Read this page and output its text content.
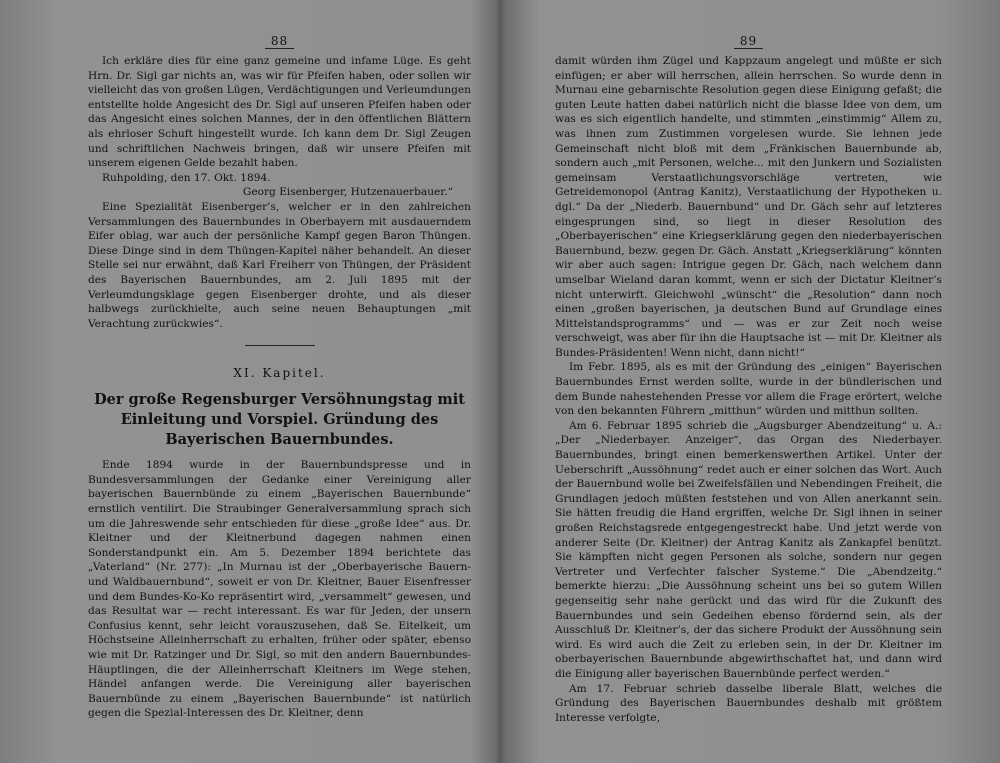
88

Ich erkläre dies für eine ganz gemeine und infame Lüge. Es geht Hrn. Dr. Sigl gar nichts an, was wir für Pfeifen haben, oder sollen wir vielleicht das von großen Lügen, Verdächtigungen und Verleumdungen entstellte holde Angesicht des Dr. Sigl auf unseren Pfeifen haben oder das Angesicht eines solchen Mannes, der in den öffentlichen Blättern als ehrloser Schuft hingestellt wurde. Ich kann dem Dr. Sigl Zeugen und schriftlichen Nachweis bringen, daß wir unsere Pfeifen mit unserem eigenen Gelde bezahlt haben.

Ruhpolding, den 17. Okt. 1894.

Georg Eisenberger, Hutzenauerbauer.“

Eine Spezialität Eisenberger’s, welcher er in den zahlreichen Versammlungen des Bauernbundes in Oberbayern mit ausdauerndem Eifer oblag, war auch der persönliche Kampf gegen Baron Thüngen. Diese Dinge sind in dem Thüngen-Kapitel näher behandelt. An dieser Stelle sei nur erwähnt, daß Karl Freiherr von Thüngen, der Präsident des Bayerischen Bauernbundes, am 2. Juli 1895 mit der Verleumdungsklage gegen Eisenberger drohte, und als dieser halbwegs zurückhielte, auch seine neuen Behauptungen „mit Verachtung zurückwies“.

XI. Kapitel.
Der große Regensburger Versöhnungstag mit Einleitung und Vorspiel. Gründung des Bayerischen Bauernbundes.

Ende 1894 wurde in der Bauernbundspresse und in Bundesversammlungen der Gedanke einer Vereinigung aller bayerischen Bauernbünde zu einem „Bayerischen Bauernbunde“ ernstlich ventilirt. Die Straubinger Generalversammlung sprach sich um die Jahreswende sehr entschieden für diese „große Idee“ aus. Dr. Kleitner und der Kleitnerbund dagegen nahmen einen Sonderstandpunkt ein. Am 5. Dezember 1894 berichtete das „Vaterland“ (Nr. 277): „In Murnau ist der „Oberbayerische Bauern- und Waldbauernbund“, soweit er von Dr. Kleitner, Bauer Eisenfresser und dem Bundes-Ko-Ko repräsentirt wird, „versammelt“ gewesen, und das Resultat war — recht interessant. Es war für Jeden, der unsern Confusius kennt, sehr leicht vorauszusehen, daß Se. Eitelkeit, um Höchstseine Alleinherrschaft zu erhalten, früher oder später, ebenso wie mit Dr. Ratzinger und Dr. Sigl, so mit den andern Bauernbundes-Häuptlingen, die der Alleinherrschaft Kleitners im Wege stehen, Händel anfangen werde. Die Vereinigung aller bayerischen Bauernbünde zu einem „Bayerischen Bauernbunde“ ist natürlich gegen die Spezial-Interessen des Dr. Kleitner, denn

89

damit würden ihm Zügel und Kappzaum angelegt und müßte er sich einfügen; er aber will herrschen, allein herrschen. So wurde denn in Murnau eine gebarnischte Resolution gegen diese Einigung gefaßt; die guten Leute hatten dabei natürlich nicht die blasse Idee von dem, um was es sich eigentlich handelte, und stimmten „einstimmig“ Allem zu, was ihnen zum Zustimmen vorgelesen wurde. Sie lehnen jede Gemeinschaft nicht bloß mit dem „Fränkischen Bauernbunde ab, sondern auch „mit Personen, welche... mit den Junkern und Sozialisten gemeinsam Verstaatlichungsvorschläge vertreten, wie Getreidemonopol (Antrag Kanitz), Verstaatlichung der Hypotheken u. dgl.“ Da der „Niederb. Bauernbund“ und Dr. Gäch sehr auf letzteres eingesprungen sind, so liegt in dieser Resolution des „Oberbayerischen“ eine Kriegserklärung gegen den niederbayerischen Bauernbund, bezw. gegen Dr. Gäch. Anstatt „Kriegserklärung“ könnten wir aber auch sagen: Intrigue gegen Dr. Gäch, nach welchem dann umselbar Wieland daran kommt, wenn er sich der Dictatur Kleitner’s nicht unterwirft. Gleichwohl „wünscht“ die „Resolution“ dann noch einen „großen bayerischen, ja deutschen Bund auf Grundlage eines Mittelstandsprogramms“ und — was er zur Zeit noch weise verschweigt, was aber für ihn die Hauptsache ist — mit Dr. Kleitner als Bundes-Präsidenten! Wenn nicht, dann nicht!“

Im Febr. 1895, als es mit der Gründung des „einigen“ Bayerischen Bauernbundes Ernst werden sollte, wurde in der bündlerischen und dem Bunde nahestehenden Presse vor allem die Frage erörtert, welche von den bekannten Führern „mitthun“ würden und mitthun sollten.

Am 6. Februar 1895 schrieb die „Augsburger Abendzeitung“ u. A.: „Der „Niederbayer. Anzeiger“, das Organ des Niederbayer. Bauernbundes, bringt einen bemerkenswerthen Artikel. Unter der Ueberschrift „Aussöhnung“ redet auch er einer solchen das Wort. Auch der Bauernbund wolle bei Zweifelsfällen und Nebendingen Freiheit, die Grundlagen jedoch müßten feststehen und von Allen anerkannt sein. Sie hätten freudig die Hand ergriffen, welche Dr. Sigl ihnen in seiner großen Reichstagsrede entgegengestreckt habe. Und jetzt werde von anderer Seite (Dr. Kleitner) der Antrag Kanitz als Zankapfel benützt. Sie kämpften nicht gegen Personen als solche, sondern nur gegen Vertreter und Verfechter falscher Systeme.“ Die „Abendzeitg.“ bemerkte hierzu: „Die Aussöhnung scheint uns bei so gutem Willen gegenseitig sehr nahe gerückt und das wird für die Zukunft des Bauernbundes und sein Gedeihen ebenso fördernd sein, als der Ausschluß Dr. Kleitner’s, der das sichere Produkt der Aussöhnung sein wird. Es wird auch die Zeit zu erleben sein, in der Dr. Kleitner im oberbayerischen Bauernbunde abgewirthschaftet hat, und dann wird die Einigung aller bayerischen Bauernbünde perfect werden.“

Am 17. Februar schrieb dasselbe liberale Blatt, welches die Gründung des Bayerischen Bauernbundes deshalb mit größtem Interesse verfolgte,
